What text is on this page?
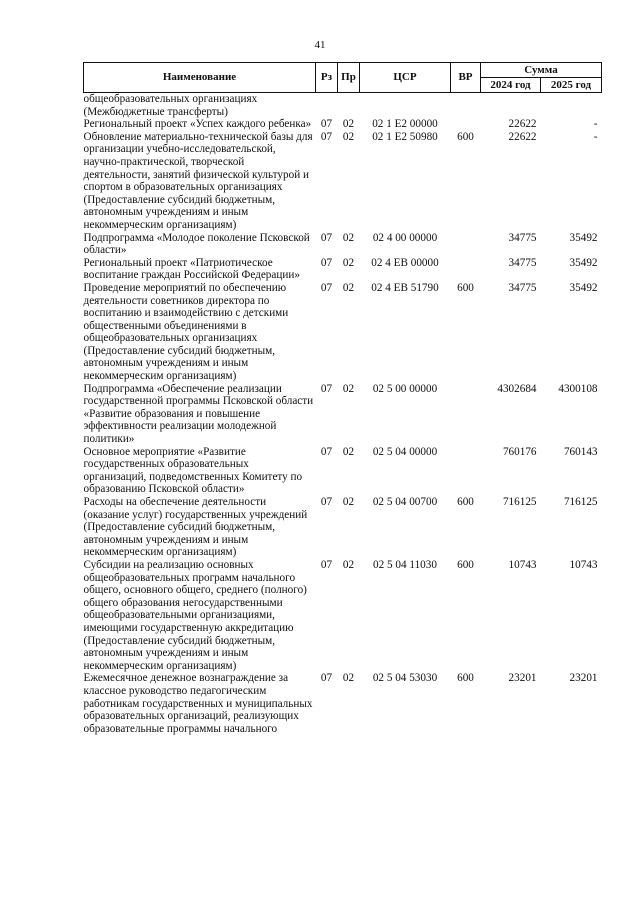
41
Наименование	Рз	Пр	ЦСР	ВР	Сумма	
					2024 год	2025 год
общеобразовательных организациях (Межбюджетные трансферты)						
Региональный проект «Успех каждого ребенка»	07	02	02 1 Е2 00000		22622	-
Обновление материально-технической базы для организации учебно-исследовательской, научно-практической, творческой деятельности, занятий физической культурой и спортом в образовательных организациях (Предоставление субсидий бюджетным, автономным учреждениям и иным некоммерческим организациям)	07	02	02 1 Е2 50980	600	22622	-
Подпрограмма «Молодое поколение Псковской области»	07	02	02 4 00 00000		34775	35492
Региональный проект «Патриотическое воспитание граждан Российской Федерации»	07	02	02 4 ЕВ 00000		34775	35492
Проведение мероприятий по обеспечению деятельности советников директора по воспитанию и взаимодействию с детскими общественными объединениями в общеобразовательных организациях (Предоставление субсидий бюджетным, автономным учреждениям и иным некоммерческим организациям)	07	02	02 4 ЕВ 51790	600	34775	35492
Подпрограмма «Обеспечение реализации государственной программы Псковской области «Развитие образования и повышение эффективности реализации молодежной политики»	07	02	02 5 00 00000		4302684	4300108
Основное мероприятие «Развитие государственных образовательных организаций, подведомственных Комитету по образованию Псковской области»	07	02	02 5 04 00000		760176	760143
Расходы на обеспечение деятельности (оказание услуг) государственных учреждений (Предоставление субсидий бюджетным, автономным учреждениям и иным некоммерческим организациям)	07	02	02 5 04 00700	600	716125	716125
Субсидии на реализацию основных общеобразовательных программ начального общего, основного общего, среднего (полного) общего образования негосударственными общеобразовательными организациями, имеющими государственную аккредитацию (Предоставление субсидий бюджетным, автономным учреждениям и иным некоммерческим организациям)	07	02	02 5 04 11030	600	10743	10743
Ежемесячное денежное вознаграждение за классное руководство педагогическим работникам государственных и муниципальных образовательных организаций, реализующих образовательные программы начального	07	02	02 5 04 53030	600	23201	23201
